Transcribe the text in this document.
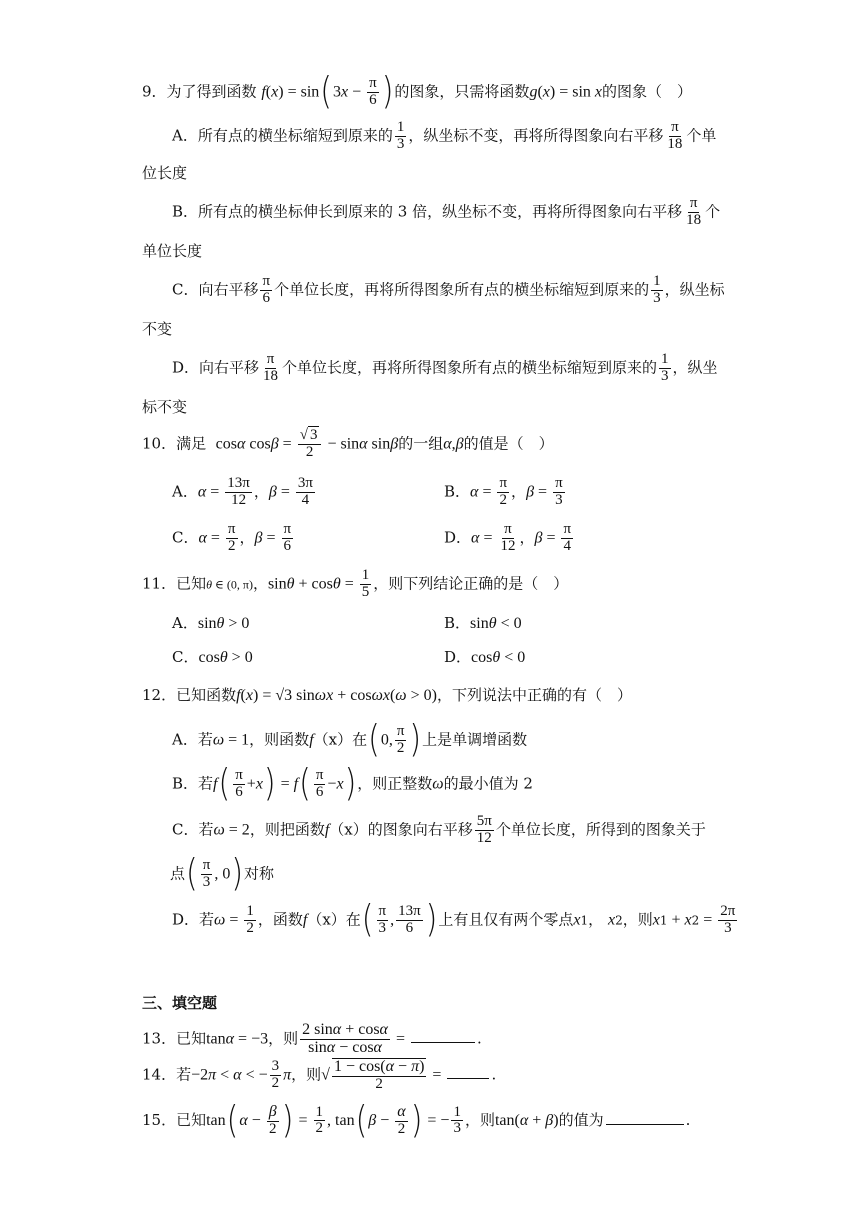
9．为了得到函数 $f(x) = \sin(3x - \frac{\pi}{6}$ )的图象，只需将函数g(x) = sin x的图象（　）
A．所有点的横坐标缩短到原来的 $\frac{1}{3}$ ，纵坐标不变，再将所得图象向右平移 $\frac{\pi}{18}$ 个单
位长度
B．所有点的横坐标伸长到原来的 3 倍，纵坐标不变，再将所得图象向右平移 $\frac{\pi}{18}$ 个
单位长度
C．向右平移 $\frac{\pi}{6}$ 个单位长度，再将所得图象所有点的横坐标缩短到原来的 $\frac{1}{3}$ ，纵坐标
不变
D．向右平移 $\frac{\pi}{18}$ 个单位长度，再将所得图象所有点的横坐标缩短到原来的 $\frac{1}{3}$ ，纵坐
标不变
10．满足 cosα $\cos\beta = \frac{√ 3}{2} - \sin\alpha$ sinβ的一组α,β的值是（　）
A．$\alpha = \frac{13\pi}{12}$ ，$\beta = \frac{3\pi}{4}$	B．$\alpha = \frac{\pi}{2}$ ，$\beta = \frac{\pi}{3}$
C．$\alpha = \frac{\pi}{2}$ ，$\beta = \frac{\pi}{6}$	D．$\alpha = \frac{\pi}{12}$ ，$\beta = \frac{\pi}{4}$
11．已知θ ∈ (0, π)，$\sin\theta + \cos\theta = \frac{1}{5}$ ，则下列结论正确的是（　）
A．sinθ > 0	B．sinθ < 0
C．cosθ > 0	D．cosθ < 0
12．已知函数f(x) = √3 sinωx + cosωx(ω > 0)，下列说法中正确的有（　）
A．若ω = 1，则函数f（x）在(0, $\frac{\pi}{2}$ )上是单调增函数
B．若$f( \frac{\pi}{6} +x) = f( \frac{\pi}{6} -x)$，则正整数ω的最小值为 2
C．若ω = 2，则把函数f（x）的图象向右平移 $\frac{5\pi}{12}$ 个单位长度，所得到的图象关于
点( $\frac{\pi}{3}$ , 0)对称
D．若$\omega = \frac{1}{2}$ ，函数f（x）在( $\frac{\pi}{3}$ , $\frac{13\pi}{6}$ )上有且仅有两个零点x1， x2，则$x1 + x2 = \frac{2\pi}{3}$
三、填空题
13．已知tanα = −3，则 $\frac{2 \sin\alpha + \cos\alpha}{\sin\alpha - \cos\alpha}$ =	.
14．若−2π < α < − $\frac{3}{2}$ π，则√ $\frac{1 - \cos(\alpha - \pi)}{2}$ =	.
15．已知$\tan(\alpha - \frac{\beta}{2}$ ) = $\frac{1}{2}$ , $\tan(\beta - \frac{\alpha}{2}$ ) = − $\frac{1}{3}$ ，则tan(α + β)的值为	.
